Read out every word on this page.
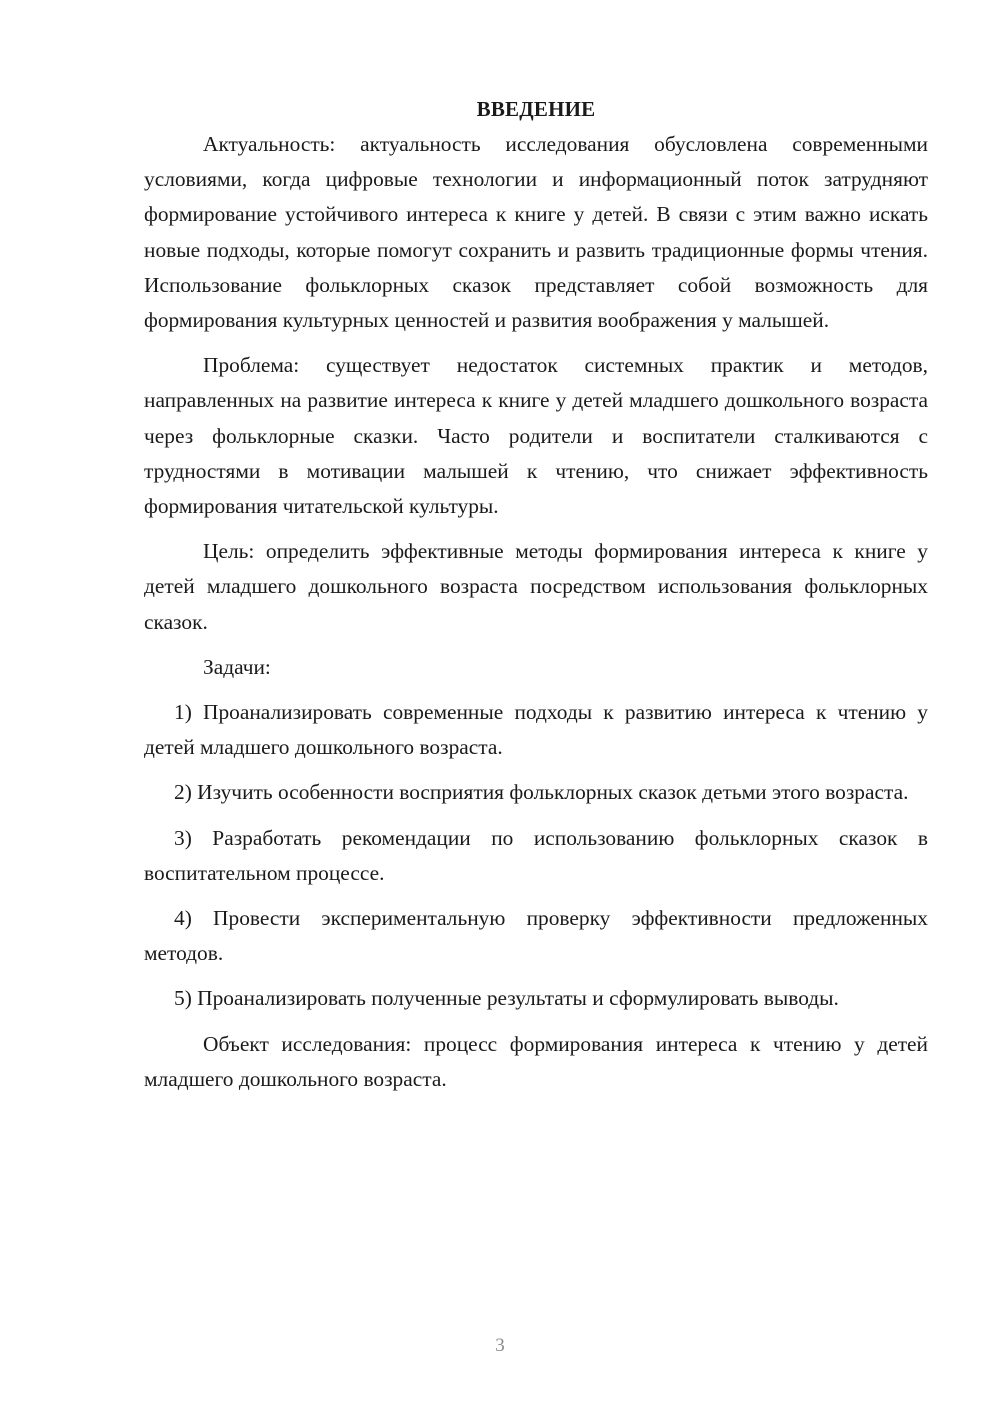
ВВЕДЕНИЕ

Актуальность: актуальность исследования обусловлена современными условиями, когда цифровые технологии и информационный поток затрудняют формирование устойчивого интереса к книге у детей. В связи с этим важно искать новые подходы, которые помогут сохранить и развить традиционные формы чтения. Использование фольклорных сказок представляет собой возможность для формирования культурных ценностей и развития воображения у малышей.

Проблема: существует недостаток системных практик и методов, направленных на развитие интереса к книге у детей младшего дошкольного возраста через фольклорные сказки. Часто родители и воспитатели сталкиваются с трудностями в мотивации малышей к чтению, что снижает эффективность формирования читательской культуры.

Цель: определить эффективные методы формирования интереса к книге у детей младшего дошкольного возраста посредством использования фольклорных сказок.

Задачи:

1) Проанализировать современные подходы к развитию интереса к чтению у детей младшего дошкольного возраста.

2) Изучить особенности восприятия фольклорных сказок детьми этого возраста.

3) Разработать рекомендации по использованию фольклорных сказок в воспитательном процессе.

4) Провести экспериментальную проверку эффективности предложенных методов.

5) Проанализировать полученные результаты и сформулировать выводы.

Объект исследования: процесс формирования интереса к чтению у детей младшего дошкольного возраста.

3
